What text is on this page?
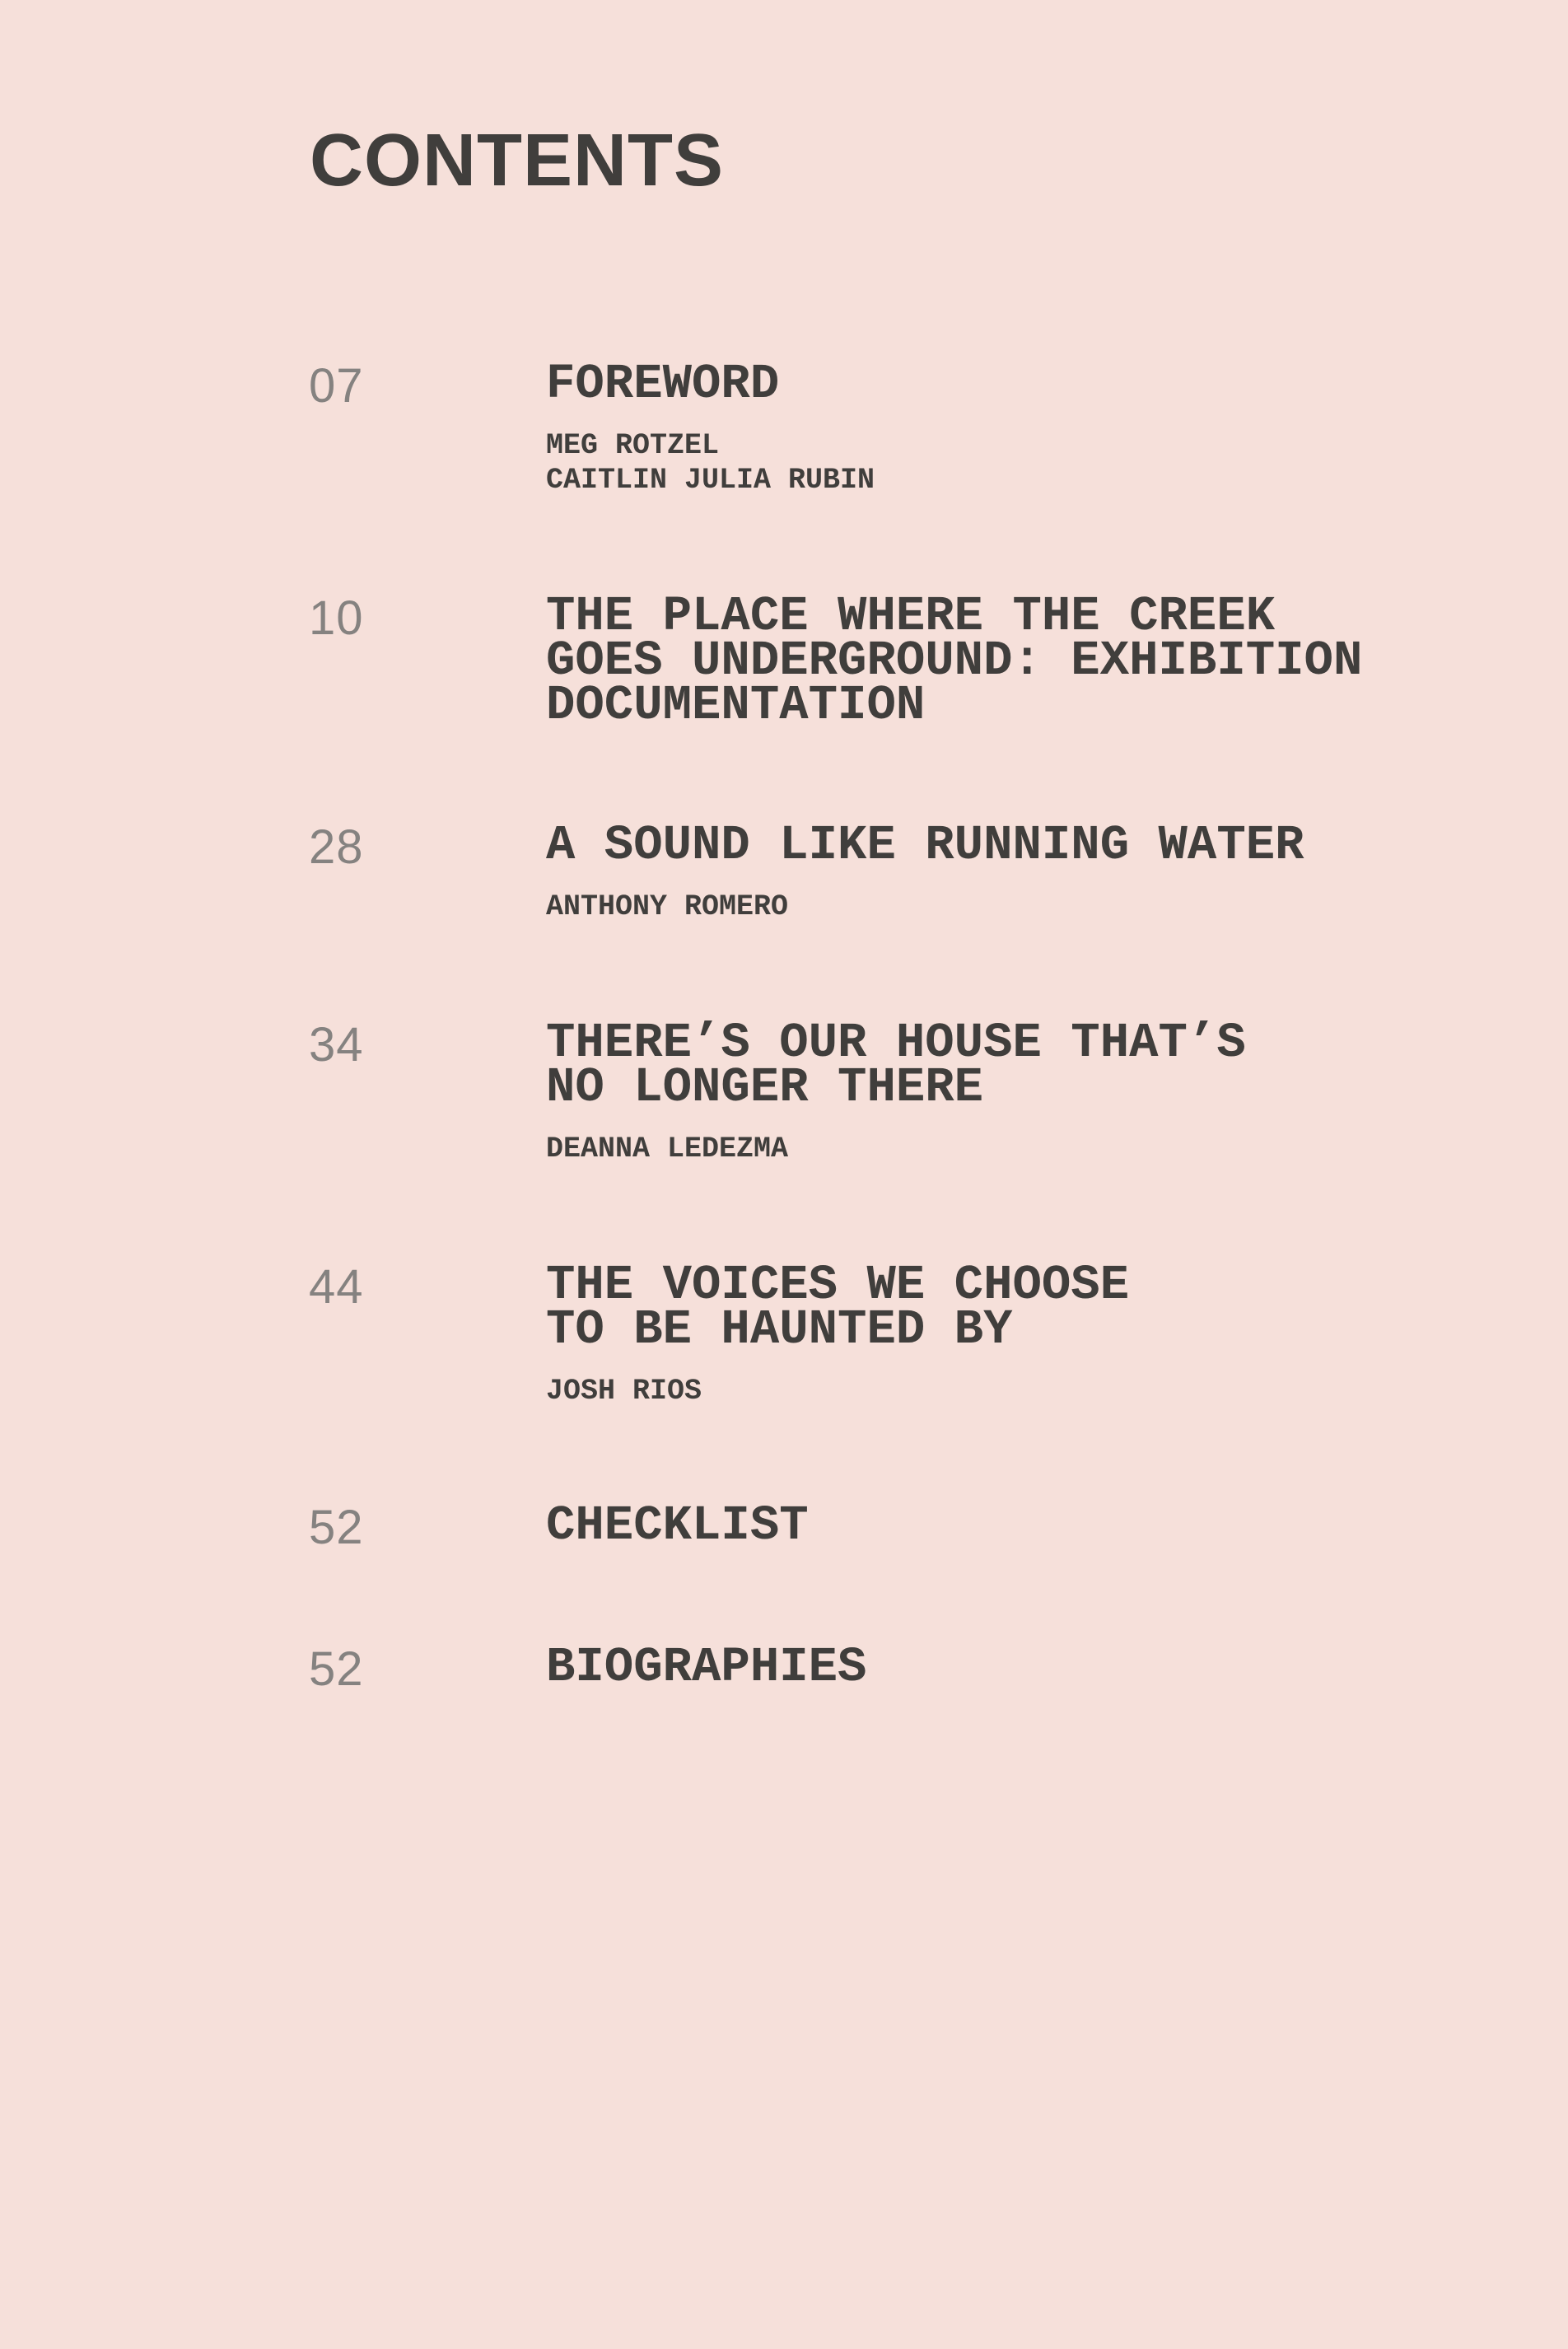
CONTENTS
07	FOREWORD
MEG ROTZEL
CAITLIN JULIA RUBIN
10	THE PLACE WHERE THE CREEK
GOES UNDERGROUND: EXHIBITION
DOCUMENTATION
28	A SOUND LIKE RUNNING WATER
ANTHONY ROMERO
34	THERE’S OUR HOUSE THAT’S
NO LONGER THERE
DEANNA LEDEZMA
44	THE VOICES WE CHOOSE
TO BE HAUNTED BY
JOSH RIOS
52	CHECKLIST
52	BIOGRAPHIES
